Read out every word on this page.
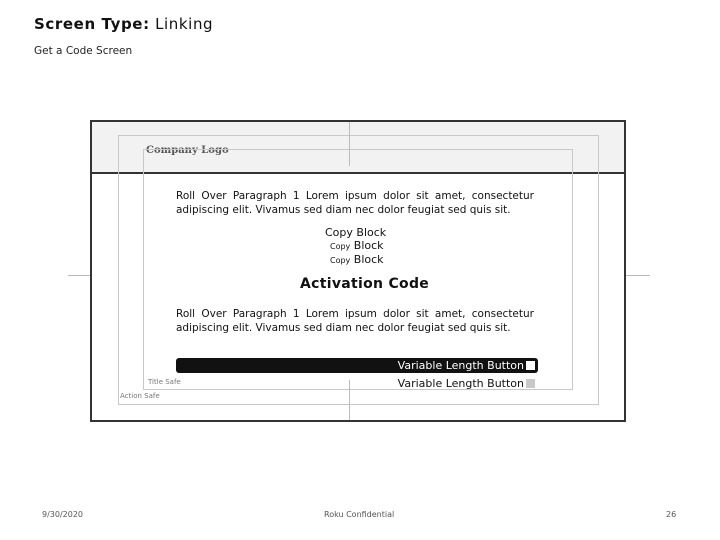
Screen Type: Linking
Get a Code Screen
Company Logo
Roll Over Paragraph 1 Lorem ipsum dolor sit amet, consectetur adipiscing elit. Vivamus sed diam nec dolor feugiat sed quis sit.
Copy Block
Copy Block
Copy Block
Activation Code
Roll Over Paragraph 1 Lorem ipsum dolor sit amet, consectetur adipiscing elit. Vivamus sed diam nec dolor feugiat sed quis sit.
Variable Length Button
Variable Length Button
Title Safe
Action Safe
9/30/2020	Roku Confidential	26
